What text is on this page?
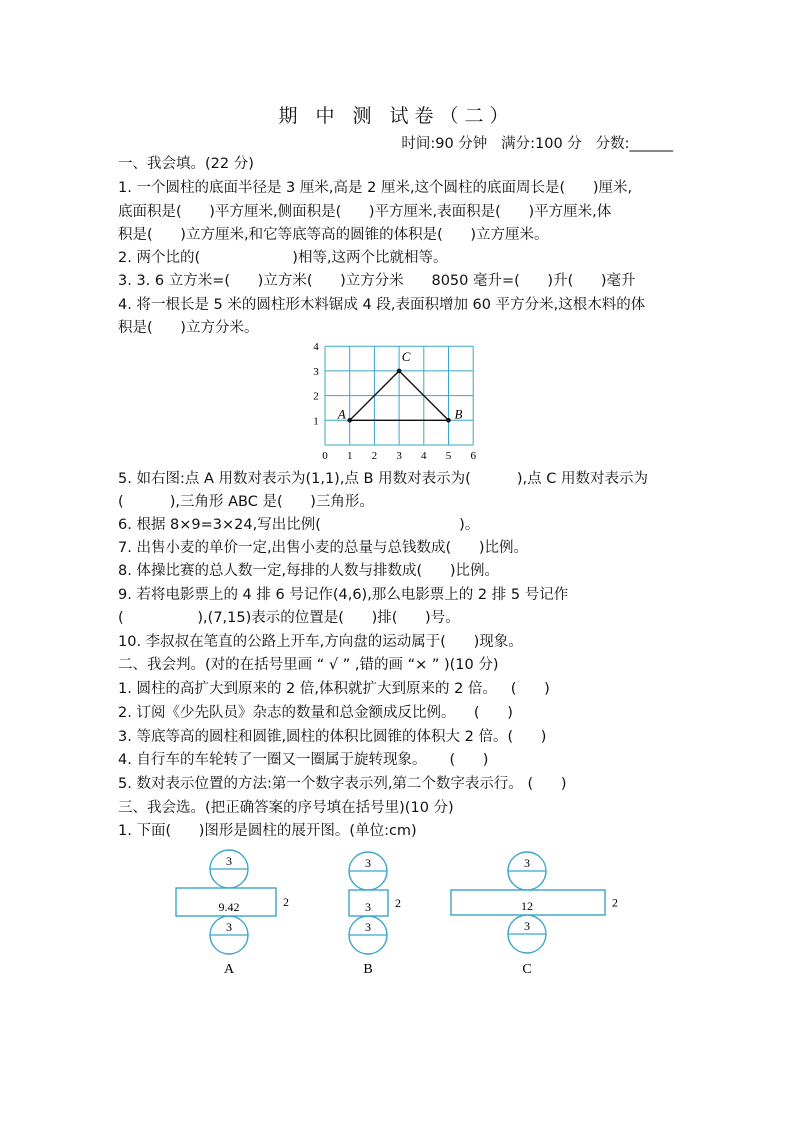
期 中 测 试卷（二）
时间:90 分钟   满分:100 分   分数:______
一、我会填。(22 分)
1. 一个圆柱的底面半径是 3 厘米,高是 2 厘米,这个圆柱的底面周长是(      )厘米,
底面积是(      )平方厘米,侧面积是(      )平方厘米,表面积是(      )平方厘米,体
积是(      )立方厘米,和它等底等高的圆锥的体积是(      )立方厘米。
2. 两个比的(                    )相等,这两个比就相等。
3. 3. 6 立方米=(      )立方米(      )立方分米      8050 毫升=(      )升(      )毫升
4. 将一根长是 5 米的圆柱形木料锯成 4 段,表面积增加 60 平方分米,这根木料的体
积是(      )立方分米。
5. 如右图:点 A 用数对表示为(1,1),点 B 用数对表示为(          ),点 C 用数对表示为
(          ),三角形 ABC 是(      )三角形。
6. 根据 8×9=3×24,写出比例(                              )。
7. 出售小麦的单价一定,出售小麦的总量与总钱数成(      )比例。
8. 体操比赛的总人数一定,每排的人数与排数成(      )比例。
9. 若将电影票上的 4 排 6 号记作(4,6),那么电影票上的 2 排 5 号记作
(                ),(7,15)表示的位置是(      )排(      )号。
10. 李叔叔在笔直的公路上开车,方向盘的运动属于(      )现象。
0 1 2 3 4 5 6
1
2
3
4
A	B
C
二、我会判。(对的在括号里画 “ √ ” ,错的画 “× ” )(10 分)
1. 圆柱的高扩大到原来的 2 倍,体积就扩大到原来的 2 倍。   (      )
2. 订阅《少先队员》杂志的数量和总金额成反比例。    (      )
3. 等底等高的圆柱和圆锥,圆柱的体积比圆锥的体积大 2 倍。(      )
4. 自行车的车轮转了一圈又一圈属于旋转现象。     (      )
5. 数对表示位置的方法:第一个数字表示列,第二个数字表示行。 (      )
三、我会选。(把正确答案的序号填在括号里)(10 分)
1. 下面(      )图形是圆柱的展开图。(单位:cm)
3
3
9.42	2
A
3
3
3 2
B
3
3
12	2
C
